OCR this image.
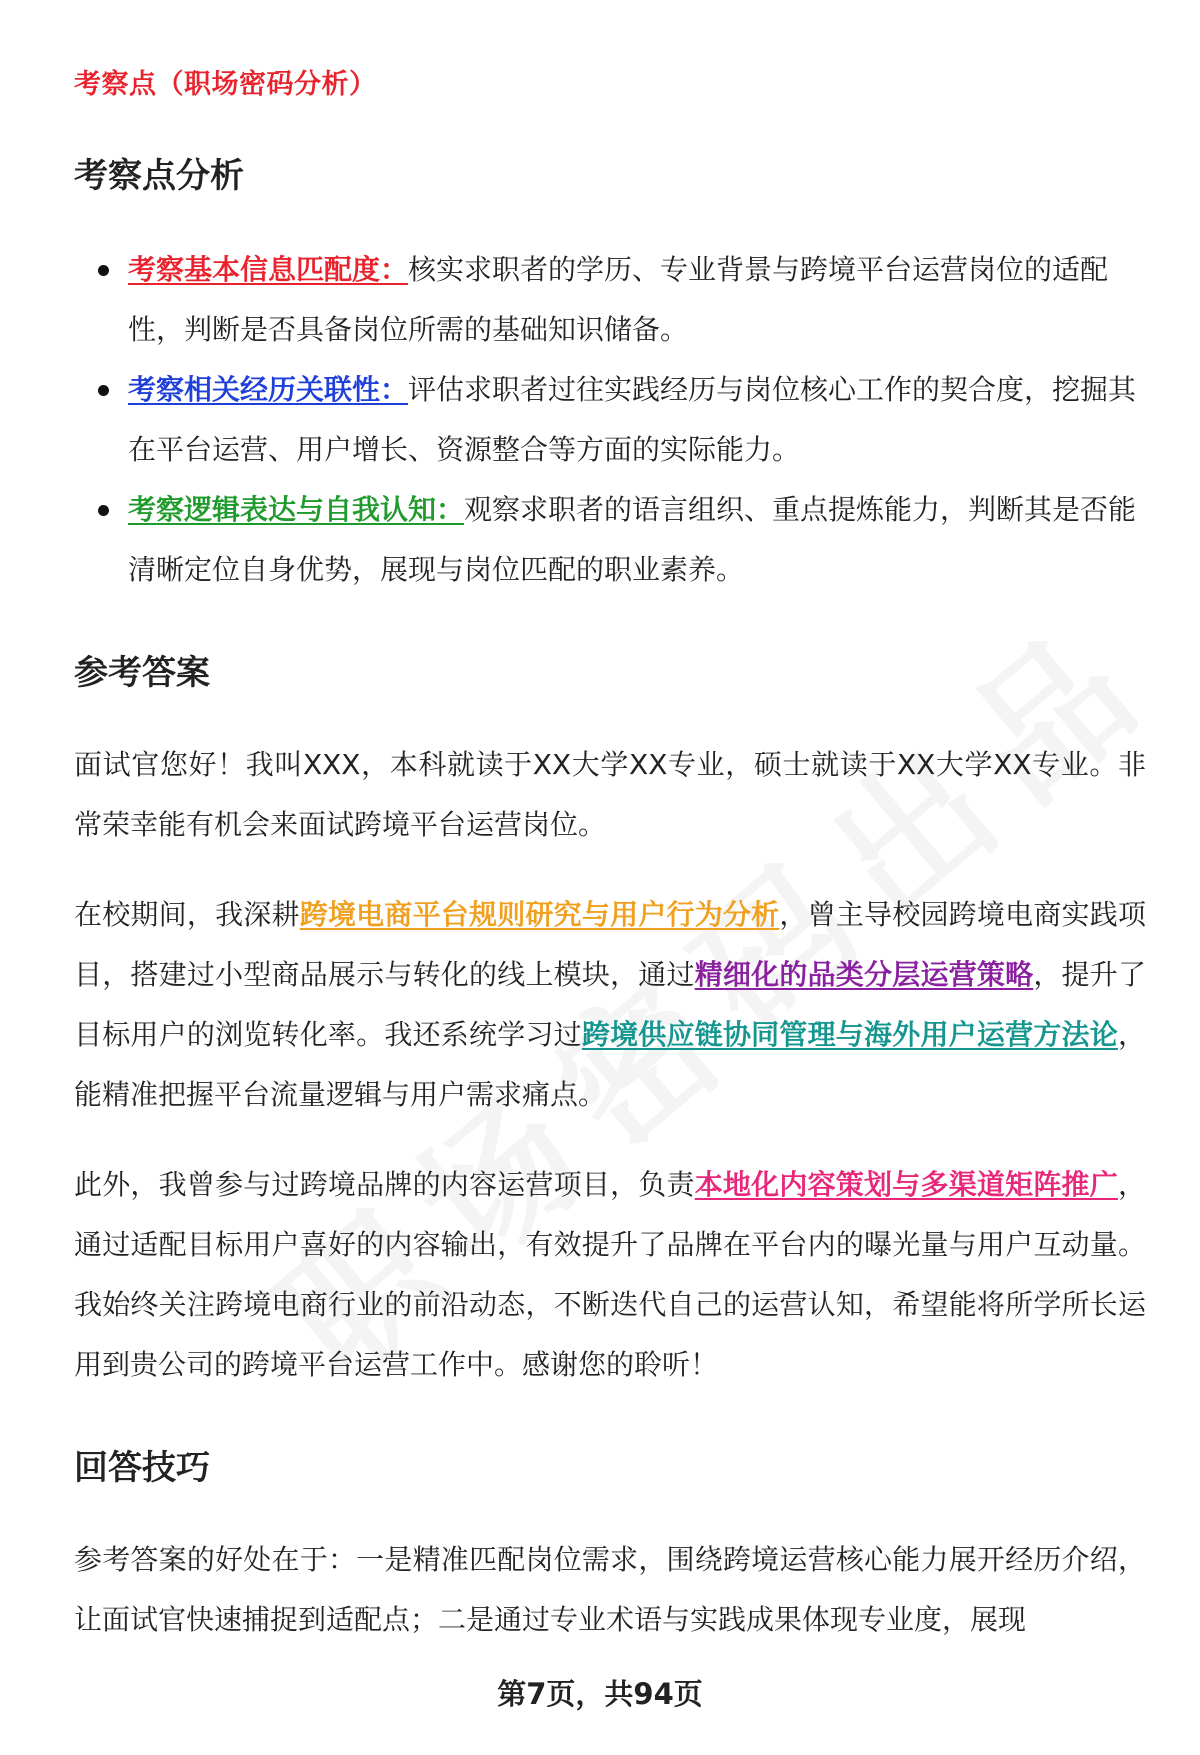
考察点（职场密码分析）
考察点分析
考察基本信息匹配度：核实求职者的学历、专业背景与跨境平台运营岗位的适配性，判断是否具备岗位所需的基础知识储备。
考察相关经历关联性：评估求职者过往实践经历与岗位核心工作的契合度，挖掘其在平台运营、用户增长、资源整合等方面的实际能力。
考察逻辑表达与自我认知：观察求职者的语言组织、重点提炼能力，判断其是否能清晰定位自身优势，展现与岗位匹配的职业素养。
参考答案

面试官您好！我叫XXX，本科就读于XX大学XX专业，硕士就读于XX大学XX专业。非常荣幸能有机会来面试跨境平台运营岗位。

在校期间，我深耕跨境电商平台规则研究与用户行为分析，曾主导校园跨境电商实践项目，搭建过小型商品展示与转化的线上模块，通过精细化的品类分层运营策略，提升了目标用户的浏览转化率。我还系统学习过跨境供应链协同管理与海外用户运营方法论，能精准把握平台流量逻辑与用户需求痛点。

此外，我曾参与过跨境品牌的内容运营项目，负责本地化内容策划与多渠道矩阵推广，通过适配目标用户喜好的内容输出，有效提升了品牌在平台内的曝光量与用户互动量。我始终关注跨境电商行业的前沿动态，不断迭代自己的运营认知，希望能将所学所长运用到贵公司的跨境平台运营工作中。感谢您的聆听！

回答技巧

参考答案的好处在于：一是精准匹配岗位需求，围绕跨境运营核心能力展开经历介绍，让面试官快速捕捉到适配点；二是通过专业术语与实践成果体现专业度，展现

第7页，共94页
